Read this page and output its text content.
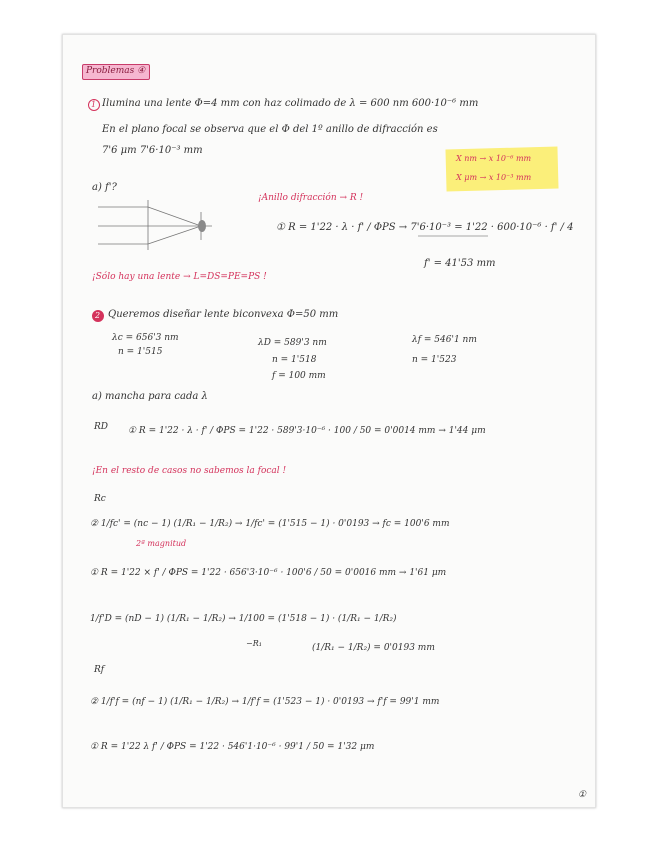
Problemas ④
1 Ilumina una lente Φ=4 mm con haz colimado de λ = 600 nm 600·10⁻⁶ mm
En el plano focal se observa que el Φ del 1º anillo de difracción es
7'6 μm 7'6·10⁻³ mm
X nm → x 10⁻⁶ mm
X μm → x 10⁻³ mm
a) f'?
¡Anillo difracción → R !
① R = 1'22 · λ · f' / ΦPS → 7'6·10⁻³ = 1'22 · 600·10⁻⁶ · f' / 4
f' = 41'53 mm
¡Sólo hay una lente → L=DS=PE=PS !
2 Queremos diseñar lente biconvexa Φ=50 mm
λc = 656'3 nm
n = 1'515
λD = 589'3 nm
n = 1'518
f = 100 mm
λf = 546'1 nm
n = 1'523
a) mancha para cada λ
RD ① R = 1'22 · λ · f' / ΦPS = 1'22 · 589'3·10⁻⁶ · 100 / 50 = 0'0014 mm → 1'44 μm
¡En el resto de casos no sabemos la focal !
Rc
② 1/fc' = (nc − 1) (1/R₁ − 1/R₂) → 1/fc' = (1'515 − 1) · 0'0193 → fc = 100'6 mm
2ª magnitud
① R = 1'22 × f' / ΦPS = 1'22 · 656'3·10⁻⁶ · 100'6 / 50 = 0'0016 mm → 1'61 μm
1/f'D = (nD − 1) (1/R₁ − 1/R₂) → 1/100 = (1'518 − 1) · (1/R₁ − 1/R₂)
−R₁	(1/R₁ − 1/R₂) = 0'0193 mm
Rf
② 1/f'f = (nf − 1) (1/R₁ − 1/R₂) → 1/f'f = (1'523 − 1) · 0'0193 → f'f = 99'1 mm
① R = 1'22 λ f' / ΦPS = 1'22 · 546'1·10⁻⁶ · 99'1 / 50 = 1'32 μm
①
